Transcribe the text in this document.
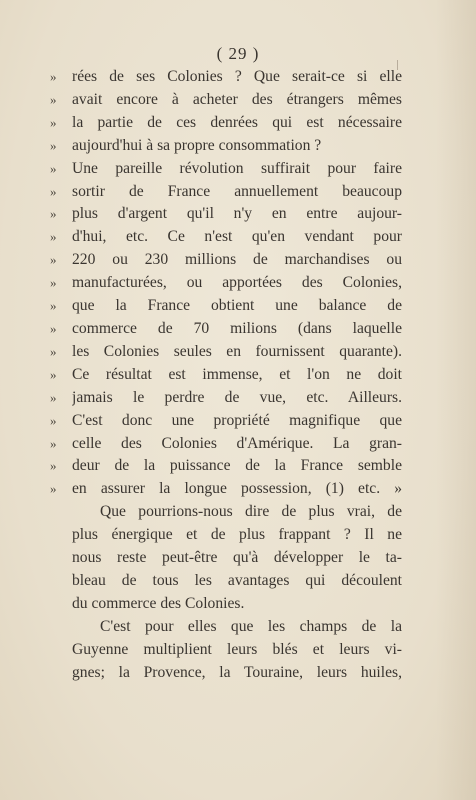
( 29 )
» rées de ses Colonies ? Que serait-ce si elle
» avait encore à acheter des étrangers mêmes
» la partie de ces denrées qui est nécessaire
» aujourd'hui à sa propre consommation ?
» Une pareille révolution suffirait pour faire
» sortir de France annuellement beaucoup
» plus d'argent qu'il n'y en entre aujour-
» d'hui, etc. Ce n'est qu'en vendant pour
» 220 ou 230 millions de marchandises ou
» manufacturées, ou apportées des Colonies,
» que la France obtient une balance de
» commerce de 70 milions (dans laquelle
» les Colonies seules en fournissent quarante).
» Ce résultat est immense, et l'on ne doit
» jamais le perdre de vue, etc. Ailleurs.
» C'est donc une propriété magnifique que
» celle des Colonies d'Amérique. La gran-
» deur de la puissance de la France semble
» en assurer la longue possession, (1) etc. »
Que pourrions-nous dire de plus vrai, de
plus énergique et de plus frappant ? Il ne
nous reste peut-être qu'à développer le ta-
bleau de tous les avantages qui découlent
du commerce des Colonies.
C'est pour elles que les champs de la
Guyenne multiplient leurs blés et leurs vi-
gnes; la Provence, la Touraine, leurs huiles,
